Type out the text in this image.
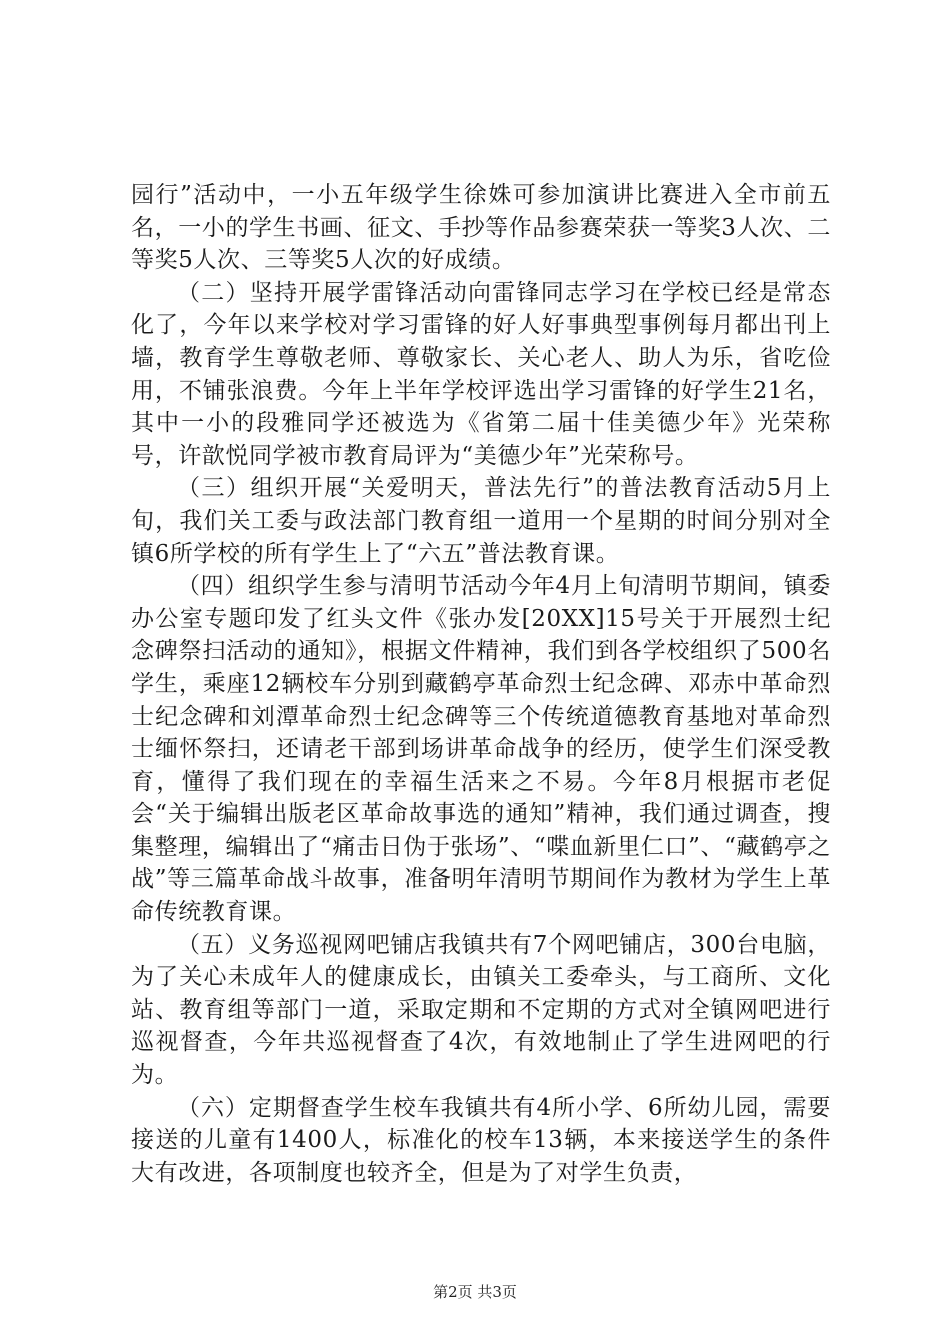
园行”活动中，一小五年级学生徐姝可参加演讲比赛进入全市前五名，一小的学生书画、征文、手抄等作品参赛荣获一等奖3人次、二等奖5人次、三等奖5人次的好成绩。

（二）坚持开展学雷锋活动向雷锋同志学习在学校已经是常态化了，今年以来学校对学习雷锋的好人好事典型事例每月都出刊上墙，教育学生尊敬老师、尊敬家长、关心老人、助人为乐，省吃俭用，不铺张浪费。今年上半年学校评选出学习雷锋的好学生21名，其中一小的段雅同学还被选为《省第二届十佳美德少年》光荣称号，许歆悦同学被市教育局评为“美德少年”光荣称号。

（三）组织开展“关爱明天，普法先行”的普法教育活动5月上旬，我们关工委与政法部门教育组一道用一个星期的时间分别对全镇6所学校的所有学生上了“六五”普法教育课。

（四）组织学生参与清明节活动今年4月上旬清明节期间，镇委办公室专题印发了红头文件《张办发[20XX]15号关于开展烈士纪念碑祭扫活动的通知》，根据文件精神，我们到各学校组织了500名学生，乘座12辆校车分别到藏鹤亭革命烈士纪念碑、邓赤中革命烈士纪念碑和刘潭革命烈士纪念碑等三个传统道德教育基地对革命烈士缅怀祭扫，还请老干部到场讲革命战争的经历，使学生们深受教育，懂得了我们现在的幸福生活来之不易。今年8月根据市老促会“关于编辑出版老区革命故事选的通知”精神，我们通过调查，搜集整理，编辑出了“痛击日伪于张场”、“喋血新里仁口”、“藏鹤亭之战”等三篇革命战斗故事，准备明年清明节期间作为教材为学生上革命传统教育课。

（五）义务巡视网吧铺店我镇共有7个网吧铺店，300台电脑，为了关心未成年人的健康成长，由镇关工委牵头，与工商所、文化站、教育组等部门一道，采取定期和不定期的方式对全镇网吧进行巡视督查，今年共巡视督查了4次，有效地制止了学生进网吧的行为。

（六）定期督查学生校车我镇共有4所小学、6所幼儿园，需要接送的儿童有1400人，标准化的校车13辆，本来接送学生的条件大有改进，各项制度也较齐全，但是为了对学生负责，

第2页 共3页
